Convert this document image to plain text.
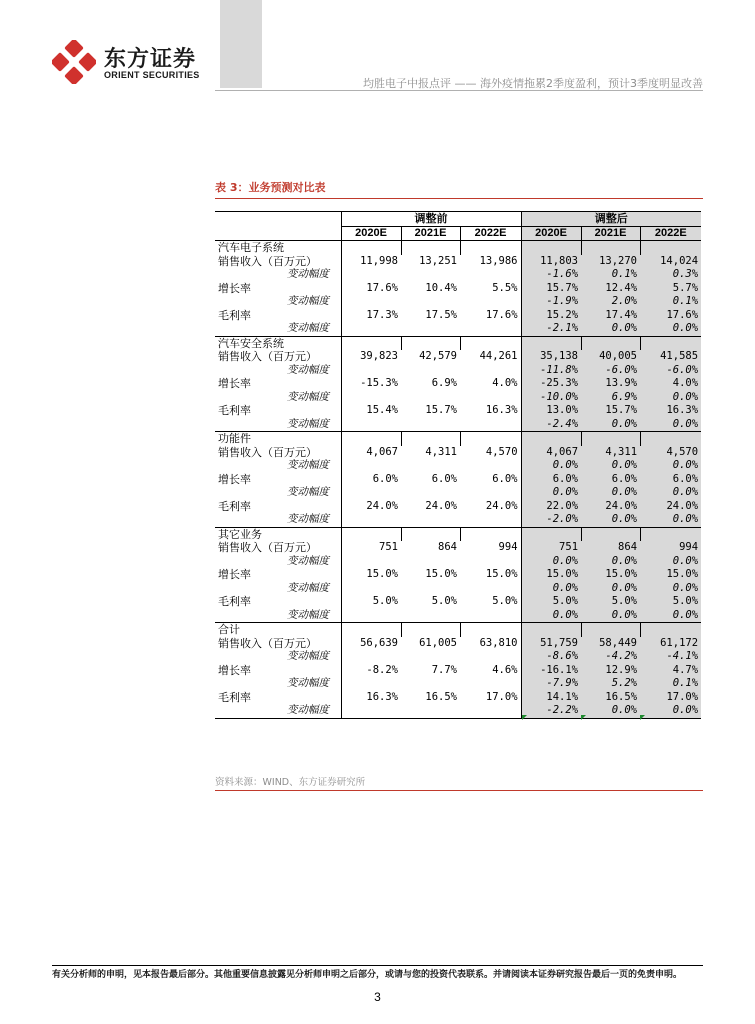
东方证券
ORIENT SECURITIES
均胜电子中报点评 —— 海外疫情拖累2季度盈利，预计3季度明显改善
表 3：业务预测对比表
	调整前			调整后		
	2020E	2021E	2022E	2020E	2021E	2022E
汽车电子系统						
销售收入（百万元）	11,998	13,251	13,986	11,803	13,270	14,024
变动幅度				-1.6%	0.1%	0.3%
增长率	17.6%	10.4%	5.5%	15.7%	12.4%	5.7%
变动幅度				-1.9%	2.0%	0.1%
毛利率	17.3%	17.5%	17.6%	15.2%	17.4%	17.6%
变动幅度				-2.1%	0.0%	0.0%
汽车安全系统						
销售收入（百万元）	39,823	42,579	44,261	35,138	40,005	41,585
变动幅度				-11.8%	-6.0%	-6.0%
增长率	-15.3%	6.9%	4.0%	-25.3%	13.9%	4.0%
变动幅度				-10.0%	6.9%	0.0%
毛利率	15.4%	15.7%	16.3%	13.0%	15.7%	16.3%
变动幅度				-2.4%	0.0%	0.0%
功能件						
销售收入（百万元）	4,067	4,311	4,570	4,067	4,311	4,570
变动幅度				0.0%	0.0%	0.0%
增长率	6.0%	6.0%	6.0%	6.0%	6.0%	6.0%
变动幅度				0.0%	0.0%	0.0%
毛利率	24.0%	24.0%	24.0%	22.0%	24.0%	24.0%
变动幅度				-2.0%	0.0%	0.0%
其它业务						
销售收入（百万元）	751	864	994	751	864	994
变动幅度				0.0%	0.0%	0.0%
增长率	15.0%	15.0%	15.0%	15.0%	15.0%	15.0%
变动幅度				0.0%	0.0%	0.0%
毛利率	5.0%	5.0%	5.0%	5.0%	5.0%	5.0%
变动幅度				0.0%	0.0%	0.0%
合计						
销售收入（百万元）	56,639	61,005	63,810	51,759	58,449	61,172
变动幅度				-8.6%	-4.2%	-4.1%
增长率	-8.2%	7.7%	4.6%	-16.1%	12.9%	4.7%
变动幅度				-7.9%	5.2%	0.1%
毛利率	16.3%	16.5%	17.0%	14.1%	16.5%	17.0%
变动幅度				-2.2%	0.0%	0.0%
资料来源：WIND、东方证券研究所
有关分析师的申明，见本报告最后部分。其他重要信息披露见分析师申明之后部分，或请与您的投资代表联系。并请阅读本证券研究报告最后一页的免责申明。
3
